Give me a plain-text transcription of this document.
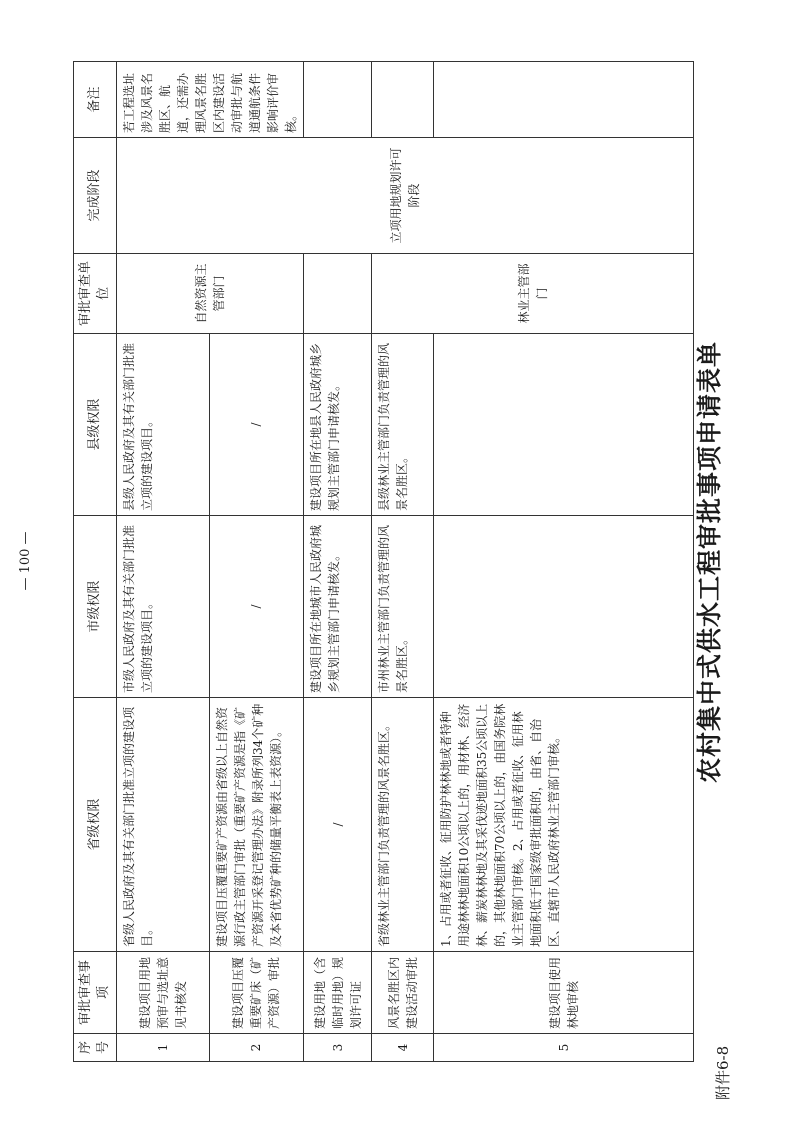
附件6-8
农村集中式供水工程审批事项申请表单
序号	审批审查事项	省级权限	市级权限	县级权限	审批审查单位	完成阶段	备注
1	建设项目用地预审与选址意见书核发	省级人民政府及其有关部门批准立项的建设项目。	市级人民政府及其有关部门批准立项的建设项目。	县级人民政府及其有关部门批准立项的建设项目。	自然资源主管部门	立项用地规划许可阶段	若工程选址涉及风景名胜区、航道，还需办理风景名胜区内建设活动审批与航道通航条件影响评价审核。
2	建设项目压覆重要矿床（矿产资源）审批	建设项目压覆重要矿产资源由省级以上自然资源行政主管部门审批（重要矿产资源是指《矿产资源开采登记管理办法》附录所列34个矿种及本省优势矿种的储量平衡表上表资源）。	/	/			
3	建设用地（含临时用地）规划许可证	/	建设项目所在地城市人民政府城乡规划主管部门申请核发。	建设项目所在地县人民政府城乡规划主管部门申请核发。			
4	风景名胜区内建设活动审批	省级林业主管部门负责管理的风景名胜区。	市州林业主管部门负责管理的风景名胜区。	县级林业主管部门负责管理的风景名胜区。	林业主管部门		
5	建设项目使用林地审核	1、占用或者征收、征用防护林林地或者特种用途林林地面积10公顷以上的，用材林、经济林、薪炭林林地及其采伐迹地面积35公顷以上的，其他林地面积70公顷以上的，由国务院林业主管部门审核。2、占用或者征收、征用林地面积低于国家级审批面积的，由省、自治区、直辖市人民政府林业主管部门审核。					
— 100 —
